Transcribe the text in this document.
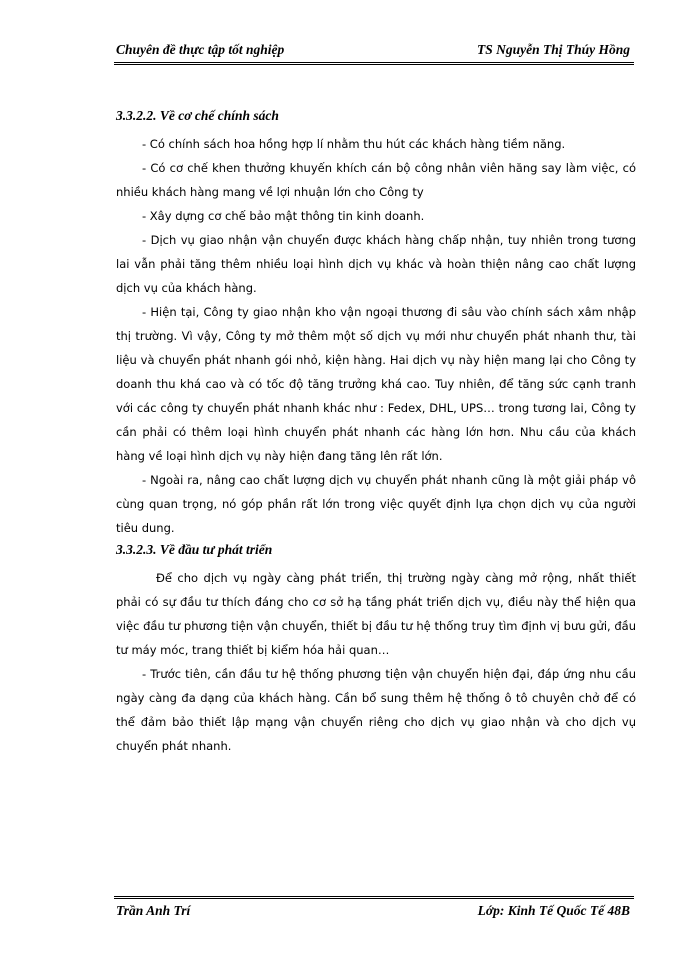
Chuyên đề thực tập tốt nghiệp	TS Nguyễn Thị Thúy Hồng
3.3.2.2. Về cơ chế chính sách

- Có chính sách hoa hồng hợp lí nhằm thu hút các khách hàng tiềm năng.

- Có cơ chế khen thưởng khuyến khích cán bộ công nhân viên hăng say làm việc, có nhiều khách hàng mang về lợi nhuận lớn cho Công ty

- Xây dựng cơ chế bảo mật thông tin kinh doanh.

- Dịch vụ giao nhận vận chuyển được khách hàng chấp nhận, tuy nhiên trong tương lai vẫn phải tăng thêm nhiều loại hình dịch vụ khác và hoàn thiện nâng cao chất lượng dịch vụ của khách hàng.

- Hiện tại, Công ty giao nhận kho vận ngoại thương đi sâu vào chính sách xâm nhập thị trường. Vì vậy, Công ty mở thêm một số dịch vụ mới như chuyển phát nhanh thư, tài liệu và chuyển phát nhanh gói nhỏ, kiện hàng. Hai dịch vụ này hiện mang lại cho Công ty doanh thu khá cao và có tốc độ tăng trưởng khá cao. Tuy nhiên, để tăng sức cạnh tranh với các công ty chuyển phát nhanh khác như : Fedex, DHL, UPS… trong tương lai, Công ty cần phải có thêm loại hình chuyển phát nhanh các hàng lớn hơn. Nhu cầu của khách hàng về loại hình dịch vụ này hiện đang tăng lên rất lớn.

- Ngoài ra, nâng cao chất lượng dịch vụ chuyển phát nhanh cũng là một giải pháp vô cùng quan trọng, nó góp phần rất lớn trong việc quyết định lựa chọn dịch vụ của người tiêu dung.

3.3.2.3. Về đầu tư phát triển

Để cho dịch vụ ngày càng phát triển, thị trường ngày càng mở rộng, nhất thiết phải có sự đầu tư thích đáng cho cơ sở hạ tầng phát triển dịch vụ, điều này thể hiện qua việc đầu tư phương tiện vận chuyển, thiết bị đầu tư hệ thống truy tìm định vị bưu gửi, đầu tư máy móc, trang thiết bị kiểm hóa hải quan…

- Trước tiên, cần đầu tư hệ thống phương tiện vận chuyển hiện đại, đáp ứng nhu cầu ngày càng đa dạng của khách hàng. Cần bổ sung thêm hệ thống ô tô chuyên chở để có thể đảm bảo thiết lập mạng vận chuyển riêng cho dịch vụ giao nhận và cho dịch vụ chuyển phát nhanh.

Trần Anh Trí	Lớp: Kinh Tế Quốc Tế 48B
